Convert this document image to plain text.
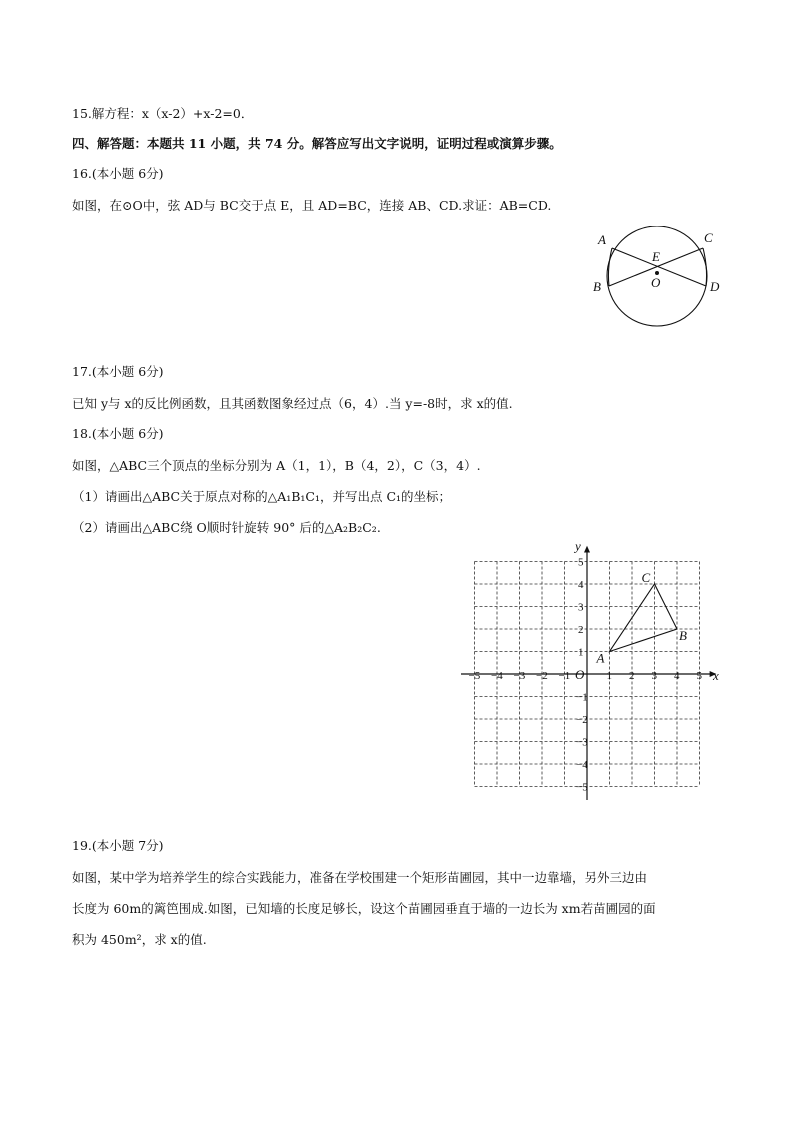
15.解方程：x（x-2）+x-2=0．
四、解答题：本题共 11 小题，共 74 分。解答应写出文字说明，证明过程或演算步骤。
16.(本小题 6分)
如图，在⊙O中，弦 AD与 BC交于点 E，且 AD=BC，连接 AB、CD.求证：AB=CD.
A
B
C
D
E
O
17.(本小题 6分)
已知 y与 x的反比例函数，且其函数图象经过点（6，4）.当 y=-8时，求 x的值.
18.(本小题 6分)
如图，△ABC三个顶点的坐标分别为 A（1，1），B（4，2），C（3，4）.
（1）请画出△ABC关于原点对称的△A₁B₁C₁，并写出点 C₁的坐标；
（2）请画出△ABC绕 O顺时针旋转 90° 后的△A₂B₂C₂.
−5 −4 −3 −2 −1	1 2 3 4 5
5
4
3
2
1
−1
−2
−3
−4
−5
x
y
O
A
B
C
19.(本小题 7分)
如图，某中学为培养学生的综合实践能力，准备在学校围建一个矩形苗圃园，其中一边靠墙，另外三边由
长度为 60m的篱笆围成.如图，已知墙的长度足够长，设这个苗圃园垂直于墙的一边长为 xm若苗圃园的面
积为 450m²，求 x的值.
